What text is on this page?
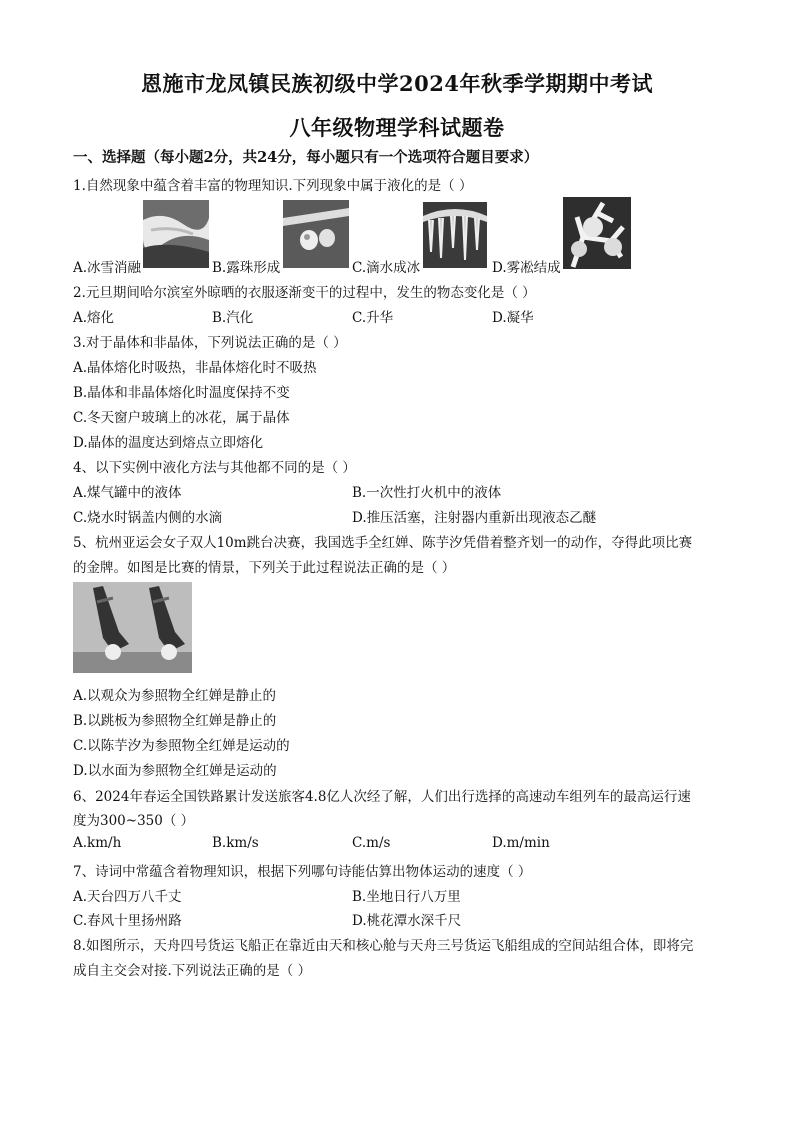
恩施市龙凤镇民族初级中学2024年秋季学期期中考试
八年级物理学科试题卷
一、选择题（每小题2分，共24分，每小题只有一个选项符合题目要求）
1.自然现象中蕴含着丰富的物理知识.下列现象中属于液化的是（ ）
A.冰雪消融	B.露珠形成	C.滴水成冰	D.雾凇结成
2.元旦期间哈尔滨室外晾晒的衣服逐渐变干的过程中，发生的物态变化是（ ）
A.熔化	B.汽化	C.升华	D.凝华
3.对于晶体和非晶体，下列说法正确的是（ ）
A.晶体熔化时吸热，非晶体熔化时不吸热
B.晶体和非晶体熔化时温度保持不变
C.冬天窗户玻璃上的冰花，属于晶体
D.晶体的温度达到熔点立即熔化
4、以下实例中液化方法与其他都不同的是（ ）
A.煤气罐中的液体	B.一次性打火机中的液体
C.烧水时锅盖内侧的水滴	D.推压活塞，注射器内重新出现液态乙醚
5、杭州亚运会女子双人10m跳台决赛，我国选手全红婵、陈芋汐凭借着整齐划一的动作，夺得此项比赛
的金牌。如图是比赛的情景，下列关于此过程说法正确的是（ ）
A.以观众为参照物全红婵是静止的
B.以跳板为参照物全红婵是静止的
C.以陈芋汐为参照物全红婵是运动的
D.以水面为参照物全红婵是运动的
6、2024年春运全国铁路累计发送旅客4.8亿人次经了解，人们出行选择的高速动车组列车的最高运行速
度为300~350（ ）
A.km/h	B.km/s	C.m/s	D.m/min
7、诗词中常蕴含着物理知识，根据下列哪句诗能估算出物体运动的速度（ ）
A.天台四万八千丈	B.坐地日行八万里
C.春风十里扬州路	D.桃花潭水深千尺
8.如图所示，天舟四号货运飞船正在靠近由天和核心舱与天舟三号货运飞船组成的空间站组合体，即将完
成自主交会对接.下列说法正确的是（ ）
